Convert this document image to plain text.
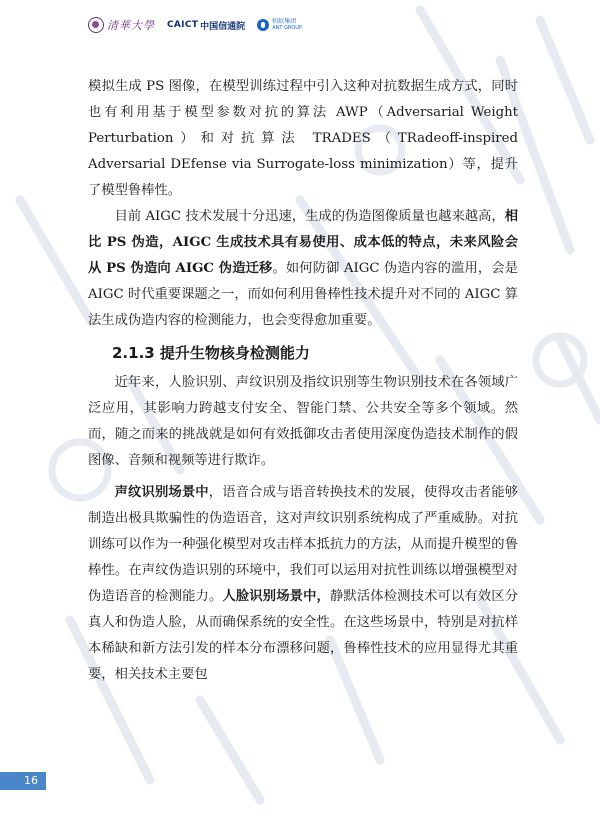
清華大學 CAICT 中国信通院	蚂蚁集团
ANT GROUP

模拟生成 PS 图像，在模型训练过程中引入这种对抗数据生成方式，同时也有利用基于模型参数对抗的算法 AWP（Adversarial Weight Perturbation）和对抗算法 TRADES（TRadeoff-inspired Adversarial DEfense via Surrogate-loss minimization）等，提升了模型鲁棒性。

目前 AIGC 技术发展十分迅速，生成的伪造图像质量也越来越高，相比 PS 伪造，AIGC 生成技术具有易使用、成本低的特点，未来风险会从 PS 伪造向 AIGC 伪造迁移。如何防御 AIGC 伪造内容的滥用，会是 AIGC 时代重要课题之一，而如何利用鲁棒性技术提升对不同的 AIGC 算法生成伪造内容的检测能力，也会变得愈加重要。

2.1.3 提升生物核身检测能力

近年来，人脸识别、声纹识别及指纹识别等生物识别技术在各领域广泛应用，其影响力跨越支付安全、智能门禁、公共安全等多个领域。然而，随之而来的挑战就是如何有效抵御攻击者使用深度伪造技术制作的假图像、音频和视频等进行欺诈。

声纹识别场景中，语音合成与语音转换技术的发展，使得攻击者能够制造出极具欺骗性的伪造语音，这对声纹识别系统构成了严重威胁。对抗训练可以作为一种强化模型对攻击样本抵抗力的方法，从而提升模型的鲁棒性。在声纹伪造识别的环境中，我们可以运用对抗性训练以增强模型对伪造语音的检测能力。人脸识别场景中，静默活体检测技术可以有效区分真人和伪造人脸，从而确保系统的安全性。在这些场景中，特别是对抗样本稀缺和新方法引发的样本分布漂移问题，鲁棒性技术的应用显得尤其重要，相关技术主要包

16
